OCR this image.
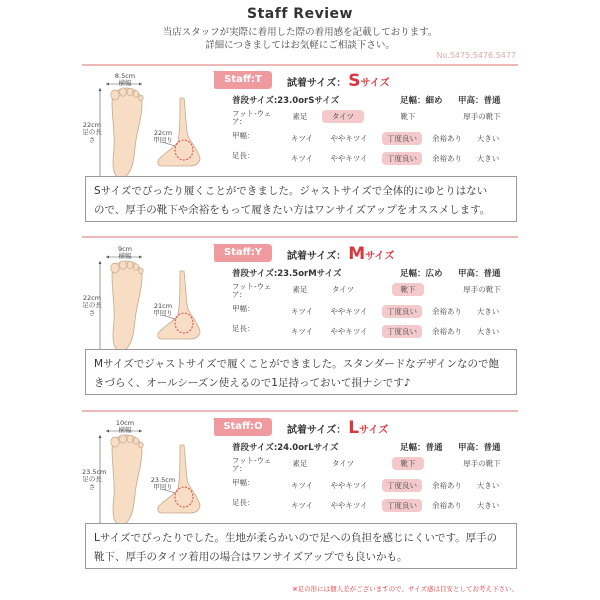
Staff Review
当店スタッフが実際に着用した際の着用感を記載しております。
詳細につきましてはお気軽にご相談下さい。
No.5475.5476.5477
8.5cm
横幅
22cm
足の長さ
22cm
甲回り
Staff:T	試着サイズ： Sサイズ
普段サイズ:23.0orSサイズ	足幅：細め 甲高：普通
フット-ウェア:
素足	タイツ	靴下	厚手の靴下
甲幅：	キツイ	ややキツイ	丁度良い	余裕あり	大きい
足長：	キツイ	ややキツイ	丁度良い	余裕あり	大きい
Sサイズでぴったり履くことができました。ジャストサイズで全体的にゆとりはない
ので、厚手の靴下や余裕をもって履きたい方はワンサイズアップをオススメします。
9cm
横幅
22cm
足の長さ
21cm
甲回り
Staff:Y	試着サイズ： Mサイズ
普段サイズ:23.5orMサイズ	足幅：広め 甲高：普通
フット-ウェア:
素足	タイツ	靴下	厚手の靴下
甲幅：	キツイ	ややキツイ	丁度良い	余裕あり	大きい
足長：	キツイ	ややキツイ	丁度良い	余裕あり	大きい
Mサイズでジャストサイズで履くことができました。スタンダードなデザインなので飽
きづらく、オールシーズン使えるので1足持っておいて損ナシです♪
10cm
横幅
23.5cm
足の長さ
23.5cm
甲回り
Staff:O	試着サイズ： Lサイズ
普段サイズ:24.0orLサイズ	足幅：普通 甲高：普通
フット-ウェア:
素足	タイツ	靴下	厚手の靴下
甲幅：	キツイ	ややキツイ	丁度良い	余裕あり	大きい
足長：	キツイ	ややキツイ	丁度良い	余裕あり	大きい
Lサイズでぴったりでした。生地が柔らかいので足への負担を感じにくいです。厚手の
靴下、厚手のタイツ着用の場合はワンサイズアップでも良いかも。
※足の形には個人差がございますので、サイズ感は目安としてお考え下さい。
